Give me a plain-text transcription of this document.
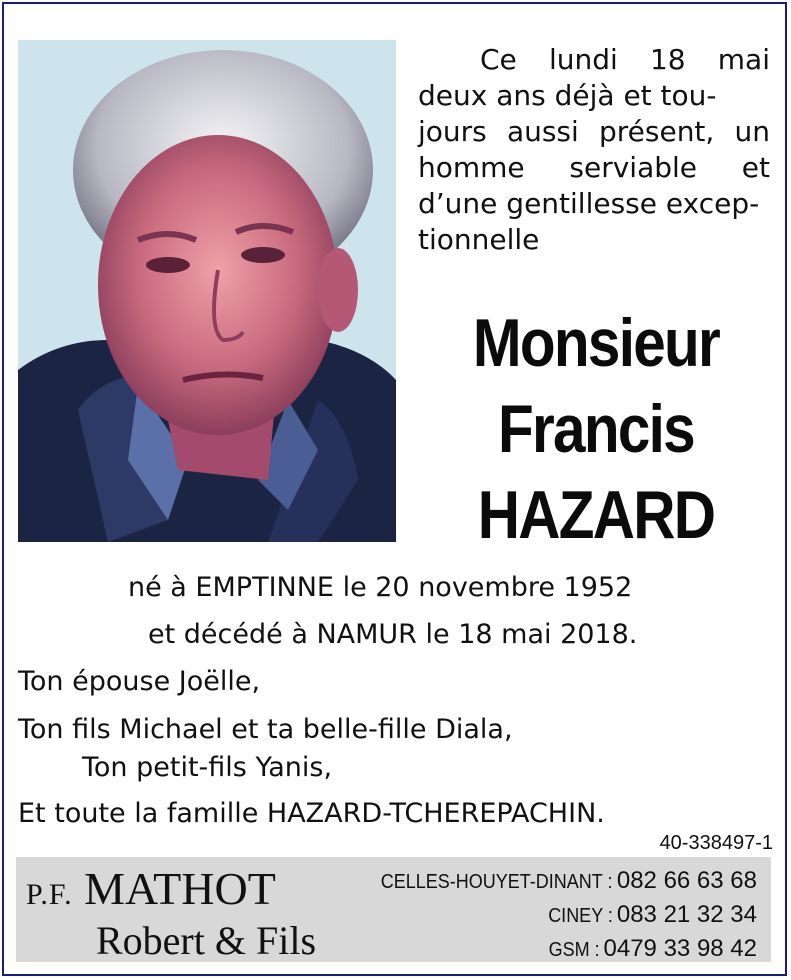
Ce lundi 18 mai
deux ans déjà et tou-
jours aussi présent, un
homme serviable et
d’une gentillesse excep-
tionnelle
Monsieur
Francis
HAZARD
né à EMPTINNE le 20 novembre 1952
et décédé à NAMUR le 18 mai 2018.
Ton épouse Joëlle,
Ton fils Michael et ta belle-fille Diala,
Ton petit-fils Yanis,
Et toute la famille HAZARD-TCHEREPACHIN.
40-338497-1
P.F. MATHOT
Robert & Fils
CELLES-HOUYET-DINANT : 082 66 63 68
CINEY : 083 21 32 34
GSM : 0479 33 98 42
